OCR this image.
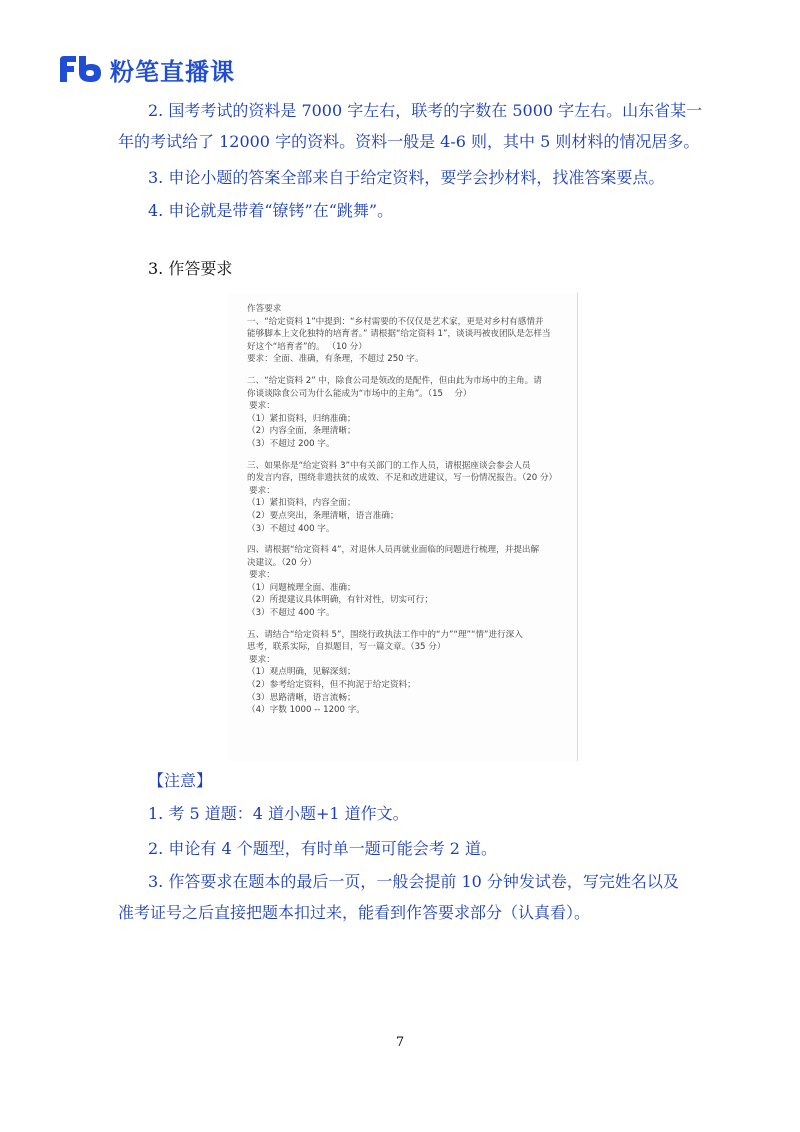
粉笔直播课

2. 国考考试的资料是 7000 字左右，联考的字数在 5000 字左右。山东省某一

年的考试给了 12000 字的资料。资料一般是 4-6 则，其中 5 则材料的情况居多。

3. 申论小题的答案全部来自于给定资料，要学会抄材料，找准答案要点。

4. 申论就是带着“镣铐”在“跳舞”。

3. 作答要求

作答要求

一、“给定资料 1”中提到：“乡村需要的不仅仅是艺术家，更是对乡村有感情并

能够脚本上文化独特的培育者。” 请根据“给定资料 1”，谈谈玛被夜团队是怎样当

好这个“培育者”的。 （10 分）

要求：全面、准确，有条理，不超过 250 字。

二、“给定资料 2” 中，除食公司是领改的是配件，但由此为市场中的主角。请

你谈谈除食公司为什么能成为“市场中的主角”。（15 　分）

要求：

（1）紧扣资料，归纳准确；

（2）内容全面，条理清晰；

（3）不超过 200 字。

三、如果你是“给定资料 3”中有关部门的工作人员，请根据座谈会参会人员

的发言内容，围绕非遗扶贫的成效、不足和改进建议，写一份情况报告。（20 分）

要求：

（1）紧扣资料，内容全面；

（2）要点突出，条理清晰，语言准确；

（3）不超过 400 字。

四、请根据“给定资料 4”，对退休人员再就业面临的问题进行梳理，并提出解

决建议。（20 分）

要求：

（1）问题梳理全面、准确；

（2）所提建议具体明确，有针对性，切实可行；

（3）不超过 400 字。

五、请结合“给定资料 5”，围绕行政执法工作中的“力”“理”“情”进行深入

思考，联系实际，自拟题目，写一篇文章。（35 分）

要求：

（1）观点明确，见解深刻；

（2）参考给定资料，但不拘泥于给定资料；

（3）思路清晰，语言流畅；

（4）字数 1000 -- 1200 字。

【注意】

1. 考 5 道题：4 道小题+1 道作文。

2. 申论有 4 个题型，有时单一题可能会考 2 道。

3. 作答要求在题本的最后一页，一般会提前 10 分钟发试卷，写完姓名以及

准考证号之后直接把题本扣过来，能看到作答要求部分（认真看）。

7
